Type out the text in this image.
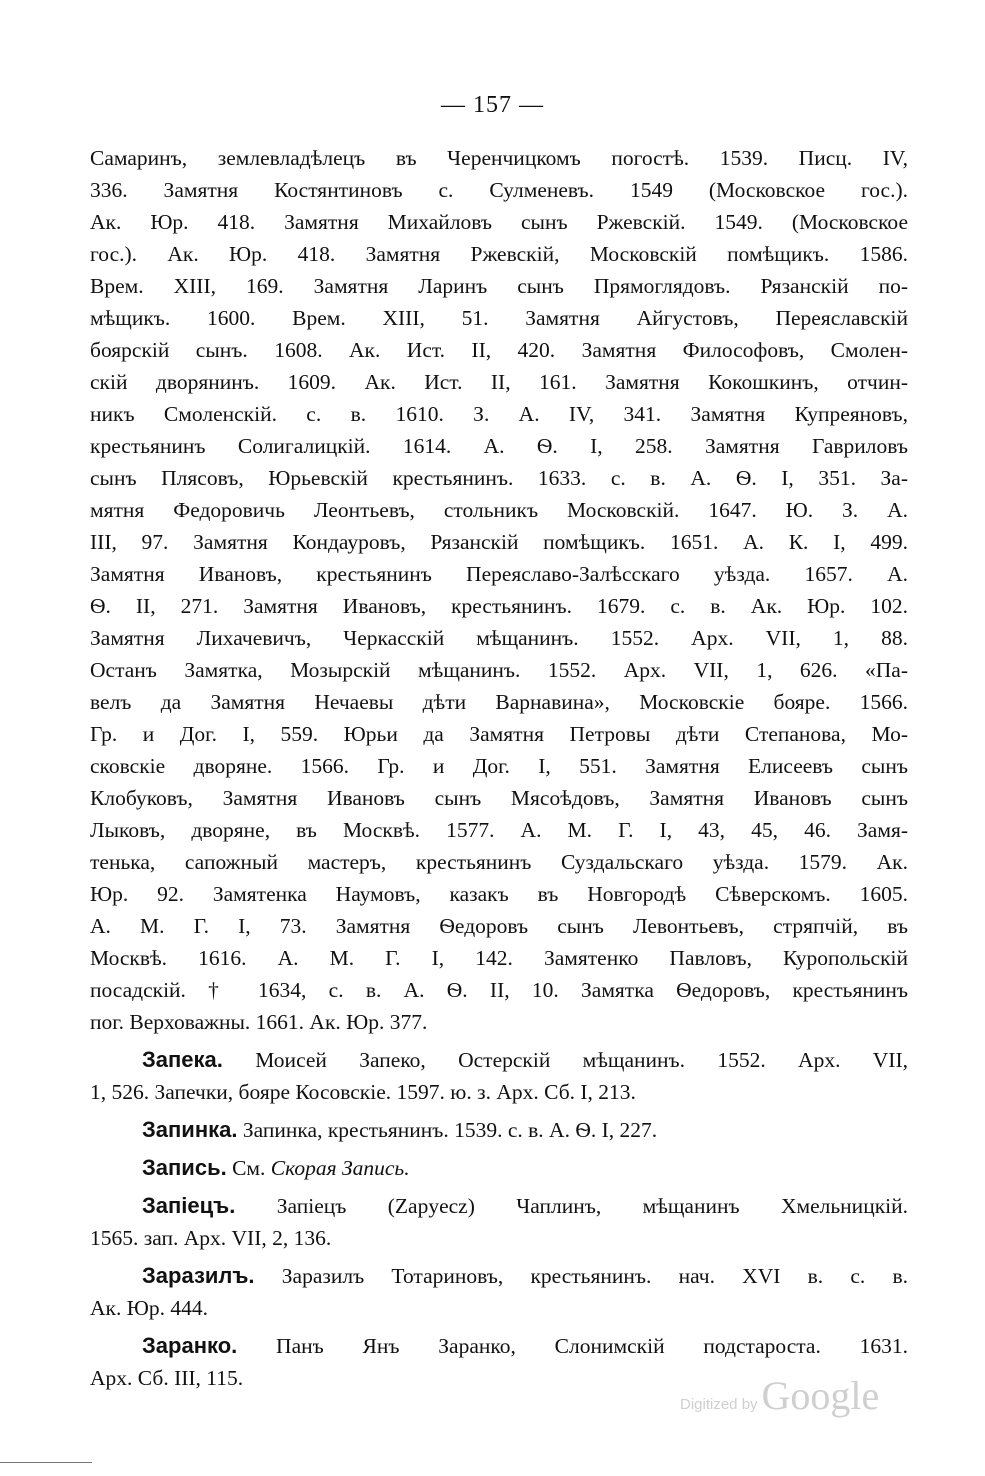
— 157 —
Самаринъ, землевладѣлецъ въ Черенчицкомъ погостѣ. 1539. Писц. IV,
336. Замятня Костянтиновъ с. Сулменевъ. 1549 (Московское гос.).
Ак. Юр. 418. Замятня Михайловъ сынъ Ржевскій. 1549. (Московское
гос.). Ак. Юр. 418. Замятня Ржевскій, Московскій помѣщикъ. 1586.
Врем. XIII, 169. Замятня Ларинъ сынъ Прямоглядовъ. Рязанскій по-
мѣщикъ. 1600. Врем. XIII, 51. Замятня Айгустовъ, Переяславскій
боярскій сынъ. 1608. Ак. Ист. II, 420. Замятня Философовъ, Смолен-
скій дворянинъ. 1609. Ак. Ист. II, 161. Замятня Кокошкинъ, отчин-
никъ Смоленскій. с. в. 1610. З. А. IV, 341. Замятня Купреяновъ,
крестьянинъ Солигалицкій. 1614. А. Ѳ. I, 258. Замятня Гавриловъ
сынъ Плясовъ, Юрьевскій крестьянинъ. 1633. с. в. А. Ѳ. I, 351. За-
мятня Федоровичь Леонтьевъ, стольникъ Московскій. 1647. Ю. З. А.
III, 97. Замятня Кондауровъ, Рязанскій помѣщикъ. 1651. А. К. I, 499.
Замятня Ивановъ, крестьянинъ Переяславо-Залѣсскаго уѣзда. 1657. А.
Ѳ. II, 271. Замятня Ивановъ, крестьянинъ. 1679. с. в. Ак. Юр. 102.
Замятня Лихачевичъ, Черкасскій мѣщанинъ. 1552. Арх. VII, 1, 88.
Останъ Замятка, Мозырскій мѣщанинъ. 1552. Арх. VII, 1, 626. «Па-
велъ да Замятня Нечаевы дѣти Варнавина», Московскіе бояре. 1566.
Гр. и Дог. I, 559. Юрьи да Замятня Петровы дѣти Степанова, Мо-
сковскіе дворяне. 1566. Гр. и Дог. I, 551. Замятня Елисеевъ сынъ
Клобуковъ, Замятня Ивановъ сынъ Мясоѣдовъ, Замятня Ивановъ сынъ
Лыковъ, дворяне, въ Москвѣ. 1577. А. М. Г. I, 43, 45, 46. Замя-
тенька, сапожный мастеръ, крестьянинъ Суздальскаго уѣзда. 1579. Ак.
Юр. 92. Замятенка Наумовъ, казакъ въ Новгородѣ Сѣверскомъ. 1605.
А. М. Г. I, 73. Замятня Ѳедоровъ сынъ Левонтьевъ, стряпчій, въ
Москвѣ. 1616. А. М. Г. I, 142. Замятенко Павловъ, Куропольскій
посадскій. † 1634, с. в. А. Ѳ. II, 10. Замятка Ѳедоровъ, крестьянинъ
пог. Верховажны. 1661. Ак. Юр. 377.
Запека. Моисей Запеко, Остерскій мѣщанинъ. 1552. Арх. VII,
1, 526. Запечки, бояре Косовскіе. 1597. ю. з. Арх. Сб. I, 213.
Запинка. Запинка, крестьянинъ. 1539. с. в. А. Ѳ. I, 227.
Запись. См. Скорая Запись.
Запiецъ. Запiецъ (Zapyecz) Чаплинъ, мѣщанинъ Хмельницкій.
1565. зап. Арх. VII, 2, 136.
Заразилъ. Заразилъ Тотариновъ, крестьянинъ. нач. XVI в. с. в.
Ак. Юр. 444.
Заранко. Панъ Янъ Заранко, Слонимскій подстароста. 1631.
Арх. Сб. III, 115.
Digitized by Google
